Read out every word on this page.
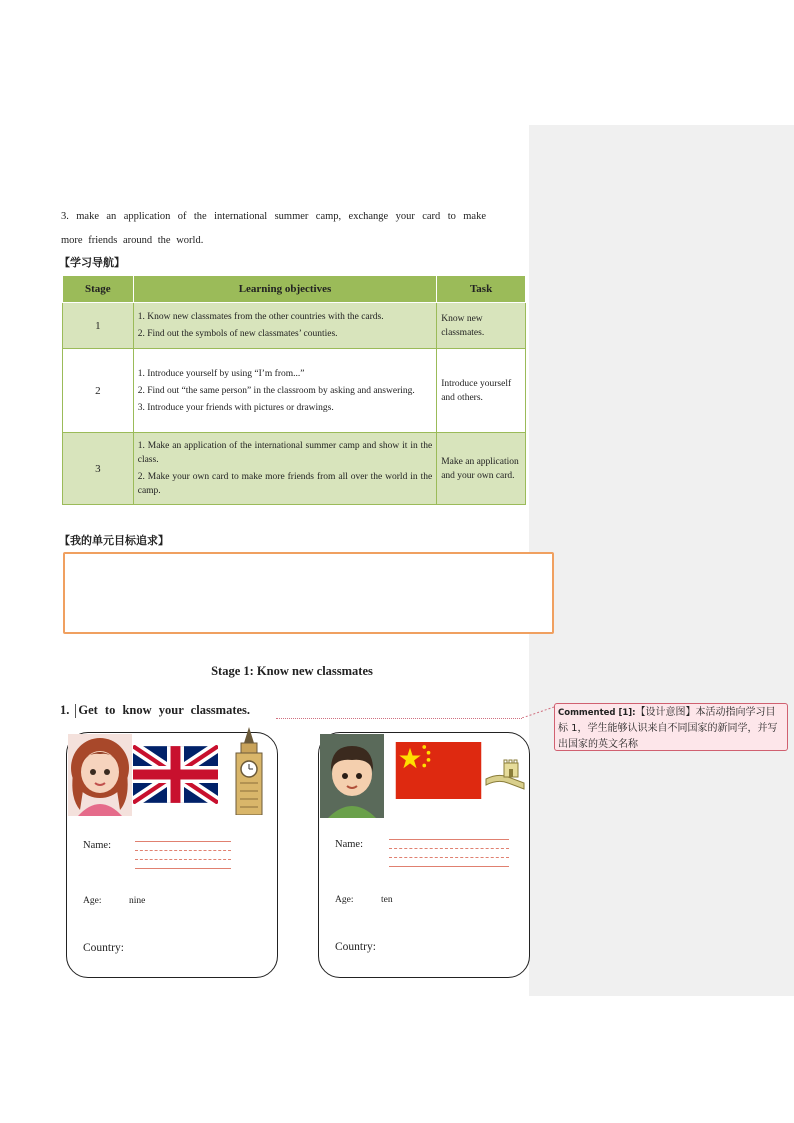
3. make an application of the international summer camp, exchange your card to make more friends around the world.
【学习导航】
Stage	Learning objectives	Task
1	1. Know new classmates from the other countries with the cards.

2. Find out the symbols of new classmates’ counties.	Know new classmates.
2	1. Introduce yourself by using “I’m from...”

2. Find out “the same person” in the classroom by asking and answering.

3. Introduce your friends with pictures or drawings.	Introduce yourself and others.
3	1. Make an application of the international summer camp and show it in the class.

2. Make your own card to make more friends from all over the world in the camp.	Make an application and your own card.
【我的单元目标追求】
Stage 1: Know new classmates
1. Get to know your classmates.	Commented [1]:【设计意图】本活动指向学习目标 1，学生能够认识来自不同国家的新同学，并写出国家的英文名称
Name:
Age:	nine
Country:
Name:
Age:	ten
Country:
